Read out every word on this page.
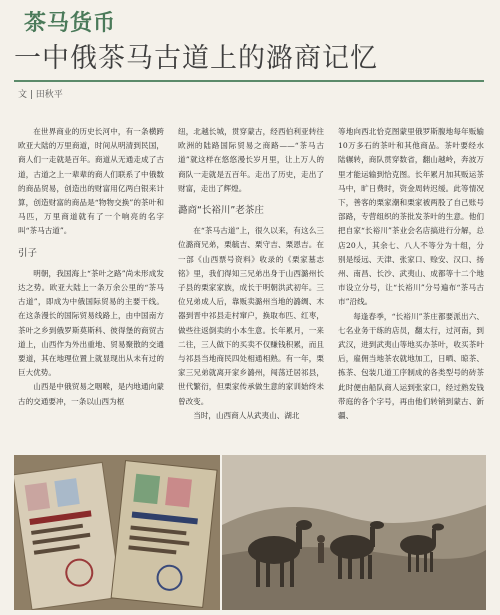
茶马货币
一中俄茶马古道上的潞商记忆
文 | 田秋平

在世界商业的历史长河中，有一条横跨欧亚大陆的万里商道，时间从明清到民国，商人们一走就是百年。商道从无通走成了古道，古道之上一辈辈的商人们联系了中俄数的商品贸易，创造出的财富用亿两白银来计算，创造财富的商品是“物物交换”的茶叶和马匹，万里商道就有了一个响亮的名字叫“茶马古道”。

引子

明朝，我国海上“茶叶之路”尚未形成发达之势。欧亚大陆上一条万余公里的“茶马古道”，即成为中俄国际贸易的主要干线。在这条漫长的国际贸易线路上，由中国南方茶叶之乡到俄罗斯莫斯科、彼得堡的商贸古道上，山西作为外出重地、贸易聚散的交通要道，其在地理位置上就显现出从未有过的巨大优势。

山西是中俄贸易之咽喉，是内地通向蒙古的交通要冲，一条以山西为枢

纽，北越长城，贯穿蒙古，经西伯利亚转往欧洲的陆路国际贸易之商路——“茶马古道”就这样在悠悠漫长岁月里，让上万人的商队一走就是五百年。走出了历史，走出了财富，走出了辉煌。

潞商“长裕川”老茶庄

在“茶马古道”上，很久以来，有这么三位潞商兄弟，栗毓吉、栗守吉、栗恩吉。在一部《山西票号资料》收录的《栗家墓志铭》里，我们得知三兄弟出身于山西潞州长子县的栗家家族，成长于明朝洪武初年。三位兄弟成人后，靠贩卖潞州当地的潞绸、木器到晋中祁县走村窜户，换取布匹、红枣，做些往返倒卖的小本生意。长年累月，一来二往，三人做下的买卖不仅赚钱积累，而且与祁县当地商民四处相通相熟。有一年，栗家三兄弟就离开家乡潞州，闯荡迁居祁县，世代繁衍，但栗家传承做生意的家训始终未曾改变。

当时，山西商人从武夷山、湖北

等地向西北恰克图蒙里俄罗斯腹地每年贩输10万多石的茶叶和其他商品。茶叶要经水陆辗转，商队贯穿数省，翻山越岭，奔波万里才能运输到恰克图。长年累月加其贩运茶马中，旷日费时，资金周转迟缓。此等情况下，善客的栗家潮和栗家被两股了自己账号部路，专营组织的茶批发茶叶的生意。他们把自家“长裕川”茶业会名店搞进行分解，总店20人，其余七、八人不等分为十组，分别是绥远、天津、张家口、赊安、汉口、扬州、南昌、长沙、武夷山、成都等十二个地市设立分号，让“长裕川”分号遍布“茶马古市”沿线。

每逢春季，“长裕川”茶庄都要派出六、七名业务干练的店员，翻太行，过河南，到武汉，进到武夷山等地买办茶叶，收买茶叶后，雇佣当地茶农就地加工，日晒、晾茶、拣茶、包装几道工序制成的各类型号的砖茶此时便由船队商人运到张家口，经过熟发钱带庭的各个字号，再由他们转销到蒙古、新疆、
